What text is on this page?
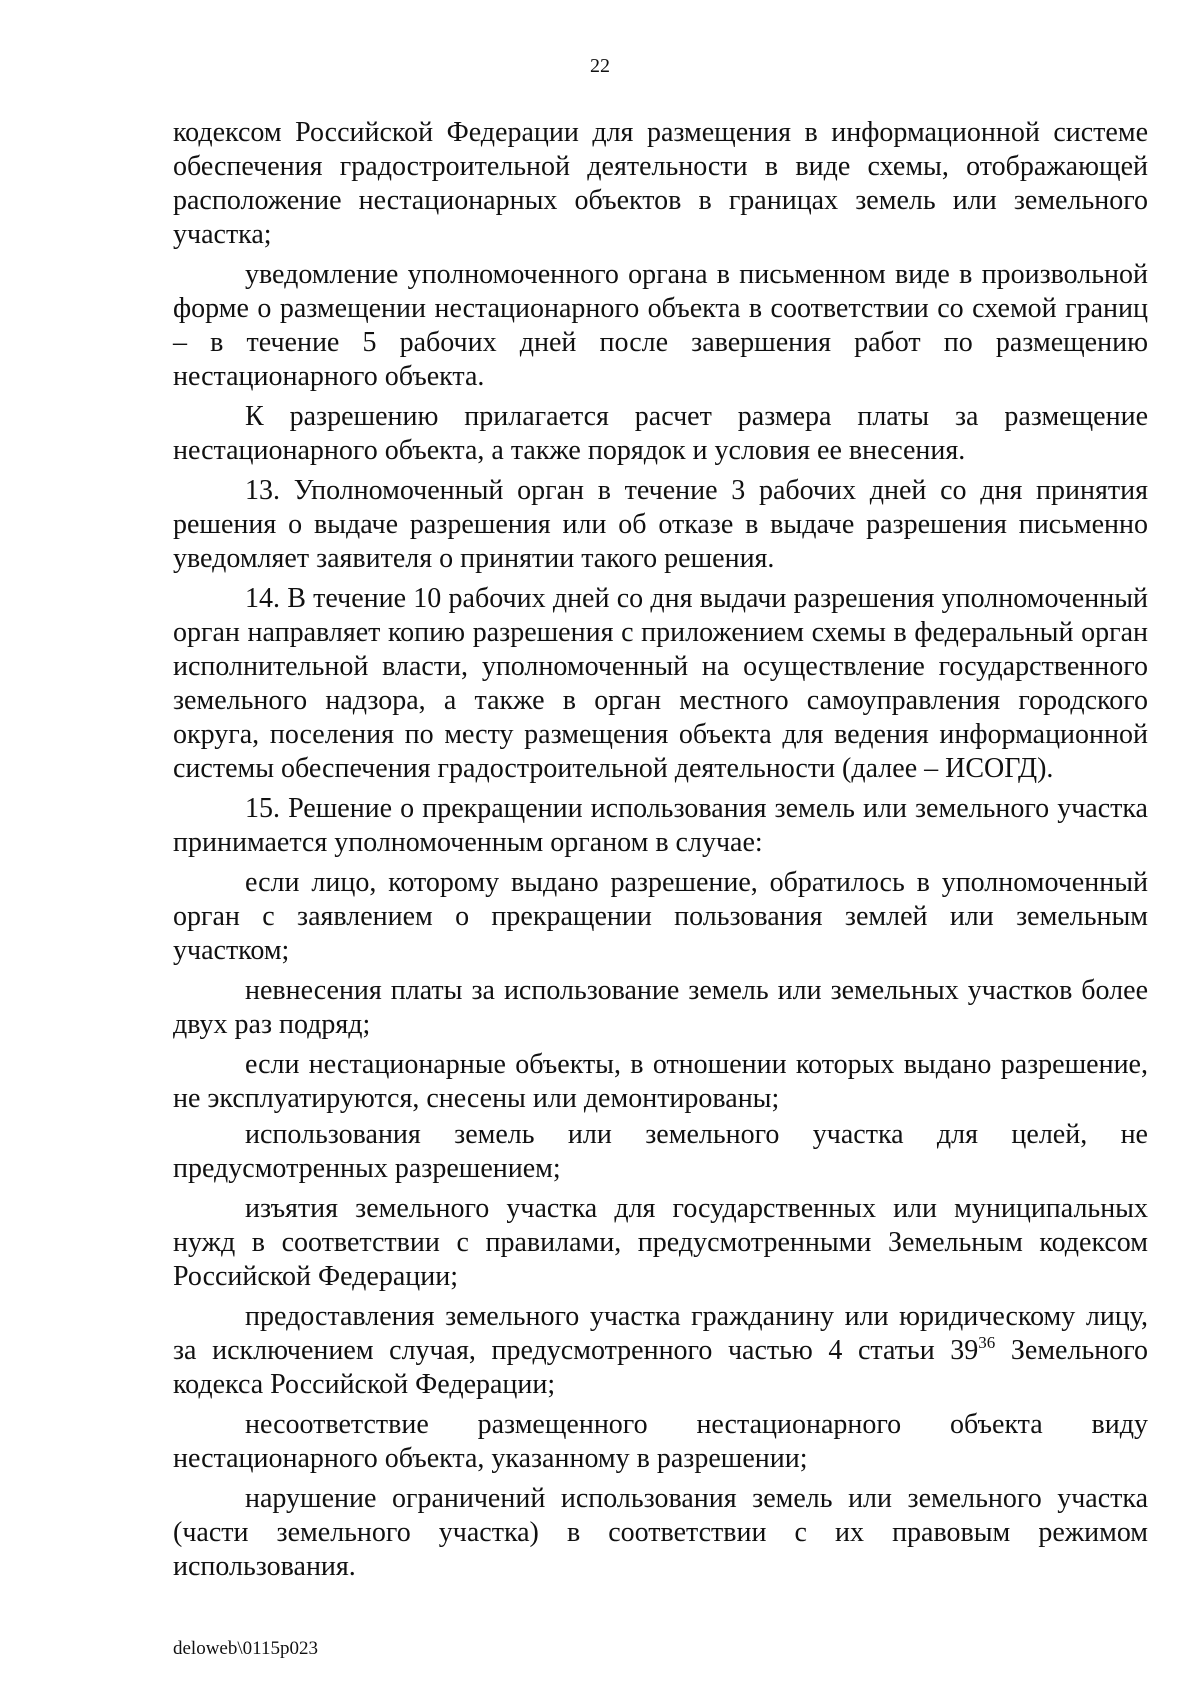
22

кодексом Российской Федерации для размещения в информационной системе обеспечения градостроительной деятельности в виде схемы, отображающей расположение нестационарных объектов в границах земель или земельного участка;

уведомление уполномоченного органа в письменном виде в произвольной форме о размещении нестационарного объекта в соответствии со схемой границ – в течение 5 рабочих дней после завершения работ по размещению нестационарного объекта.

К разрешению прилагается расчет размера платы за размещение нестационарного объекта, а также порядок и условия ее внесения.

13. Уполномоченный орган в течение 3 рабочих дней со дня принятия решения о выдаче разрешения или об отказе в выдаче разрешения письменно уведомляет заявителя о принятии такого решения.

14. В течение 10 рабочих дней со дня выдачи разрешения уполномоченный орган направляет копию разрешения с приложением схемы в федеральный орган исполнительной власти, уполномоченный на осуществление государственного земельного надзора, а также в орган местного самоуправления городского округа, поселения по месту размещения объекта для ведения информационной системы обеспечения градостроительной деятельности (далее – ИСОГД).

15. Решение о прекращении использования земель или земельного участка принимается уполномоченным органом в случае:

если лицо, которому выдано разрешение, обратилось в уполномоченный орган с заявлением о прекращении пользования землей или земельным участком;

невнесения платы за использование земель или земельных участков более двух раз подряд;

если нестационарные объекты, в отношении которых выдано разрешение, не эксплуатируются, снесены или демонтированы;

использования земель или земельного участка для целей, не предусмотренных разрешением;

изъятия земельного участка для государственных или муниципальных нужд в соответствии с правилами, предусмотренными Земельным кодексом Российской Федерации;

предоставления земельного участка гражданину или юридическому лицу, за исключением случая, предусмотренного частью 4 статьи $39^{36}$ Земельного кодекса Российской Федерации;

несоответствие размещенного нестационарного объекта виду нестационарного объекта, указанному в разрешении;

нарушение ограничений использования земель или земельного участка (части земельного участка) в соответствии с их правовым режимом использования.

deloweb\0115p023
